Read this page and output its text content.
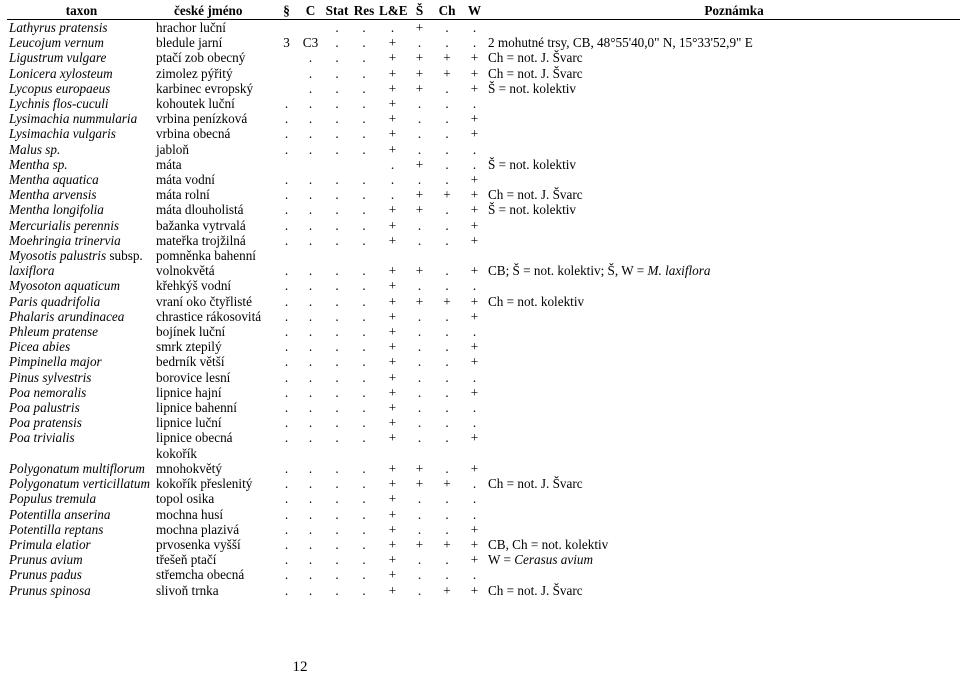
taxon	české jméno	§	C	Stat	Res	L&E	Š	Ch	W	Poznámka
Lathyrus pratensis	hrachor luční			.	.	.	+	.	.	
Leucojum vernum	bledule jarní	3	C3	.	.	+	.	.	.	2 mohutné trsy, CB, 48°55'40,0" N, 15°33'52,9" E
Ligustrum vulgare	ptačí zob obecný		.	.	.	+	+	+	+	Ch = not. J. Švarc
Lonicera xylosteum	zimolez pýřitý		.	.	.	+	+	+	+	Ch = not. J. Švarc
Lycopus europaeus	karbinec evropský		.	.	.	+	+	.	+	Š = not. kolektiv
Lychnis flos-cuculi	kohoutek luční	.	.	.	.	+	.	.	.	
Lysimachia nummularia	vrbina penízková	.	.	.	.	+	.	.	+	
Lysimachia vulgaris	vrbina obecná	.	.	.	.	+	.	.	+	
Malus sp.	jabloň	.	.	.	.	+	.	.	.	
Mentha sp.	máta					.	+	.	.	Š = not. kolektiv
Mentha aquatica	máta vodní	.	.	.	.	.	.	.	+	
Mentha arvensis	máta rolní	.	.	.	.	.	+	+	+	Ch = not. J. Švarc
Mentha longifolia	máta dlouholistá	.	.	.	.	+	+	.	+	Š = not. kolektiv
Mercurialis perennis	bažanka vytrvalá	.	.	.	.	+	.	.	+	
Moehringia trinervia	mateřka trojžilná	.	.	.	.	+	.	.	+	
Myosotis palustris subsp.	pomněnka bahenní									
laxiflora	volnokvětá	.	.	.	.	+	+	.	+	CB; Š = not. kolektiv; Š, W = M. laxiflora
Myosoton aquaticum	křehkýš vodní	.	.	.	.	+	.	.	.	
Paris quadrifolia	vraní oko čtyřlisté	.	.	.	.	+	+	+	+	Ch = not. kolektiv
Phalaris arundinacea	chrastice rákosovitá	.	.	.	.	+	.	.	+	
Phleum pratense	bojínek luční	.	.	.	.	+	.	.	.	
Picea abies	smrk ztepilý	.	.	.	.	+	.	.	+	
Pimpinella major	bedrník větší	.	.	.	.	+	.	.	+	
Pinus sylvestris	borovice lesní	.	.	.	.	+	.	.	.	
Poa nemoralis	lipnice hajní	.	.	.	.	+	.	.	+	
Poa palustris	lipnice bahenní	.	.	.	.	+	.	.	.	
Poa pratensis	lipnice luční	.	.	.	.	+	.	.	.	
Poa trivialis	lipnice obecná	.	.	.	.	+	.	.	+	
	kokořík									
Polygonatum multiflorum	mnohokvětý	.	.	.	.	+	+	.	+	
Polygonatum verticillatum	kokořík přeslenitý	.	.	.	.	+	+	+	.	Ch = not. J. Švarc
Populus tremula	topol osika	.	.	.	.	+	.	.	.	
Potentilla anserina	mochna husí	.	.	.	.	+	.	.	.	
Potentilla reptans	mochna plazivá	.	.	.	.	+	.	.	+	
Primula elatior	prvosenka vyšší	.	.	.	.	+	+	+	+	CB, Ch = not. kolektiv
Prunus avium	třešeň ptačí	.	.	.	.	+	.	.	+	W = Cerasus avium
Prunus padus	střemcha obecná	.	.	.	.	+	.	.	.	
Prunus spinosa	slivoň trnka	.	.	.	.	+	.	+	+	Ch = not. J. Švarc
12
